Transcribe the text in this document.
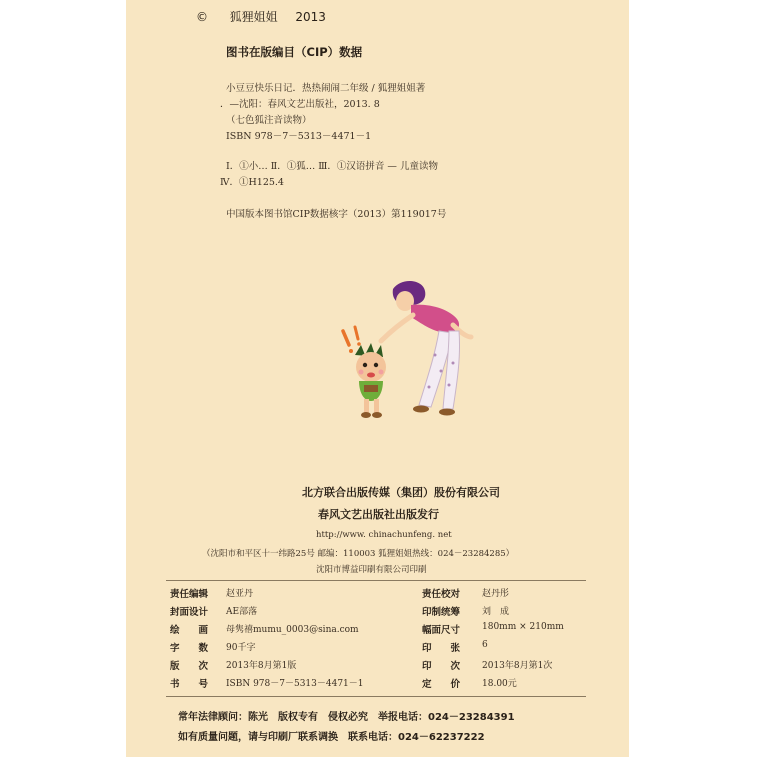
© 狐狸姐姐 2013
图书在版编目（CIP）数据
小豆豆快乐日记．热热闹闹二年级 / 狐狸姐姐著
．—沈阳：春风文艺出版社，2013. 8
（七色狐注音读物）
ISBN 978－7－5313－4471－1
Ⅰ．①小… Ⅱ．①狐… Ⅲ．①汉语拼音 — 儿童读物
Ⅳ．①H125.4
中国版本图书馆CIP数据核字（2013）第119017号
北方联合出版传媒（集团）股份有限公司
春风文艺出版社出版发行
http://www. chinachunfeng. net
（沈阳市和平区十一纬路25号 邮编：110003 狐狸姐姐热线：024－23284285）
沈阳市博益印刷有限公司印刷
责任编辑 赵亚丹
封面设计 AE部落
绘　　画 母隽禧mumu_0003@sina.com
字　　数 90千字
版　　次 2013年8月第1版
书　　号 ISBN 978－7－5313－4471－1
责任校对 赵丹彤
印制统筹 刘　成
幅面尺寸 180mm × 210mm
印　　张 6
印　　次 2013年8月第1次
定　　价 18.00元
常年法律顾问：陈光　版权专有　侵权必究　举报电话：024－23284391
如有质量问题，请与印刷厂联系调换　联系电话：024－62237222
